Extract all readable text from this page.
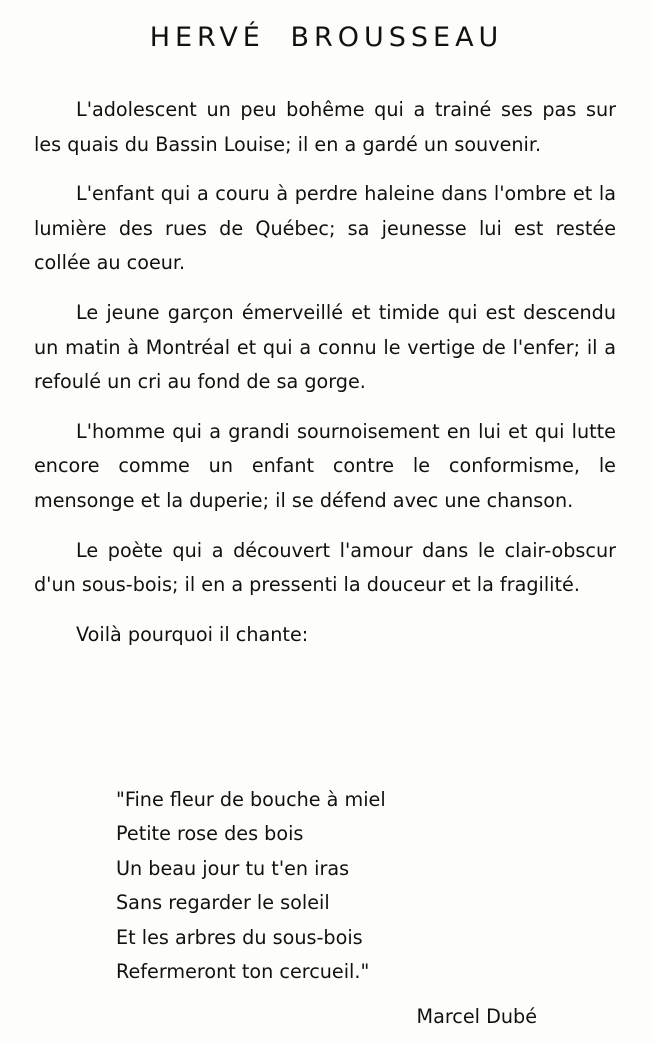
HERVÉ BROUSSEAU

L'adolescent un peu bohême qui a trainé ses pas sur les quais du Bassin Louise; il en a gardé un souvenir.

L'enfant qui a couru à perdre haleine dans l'ombre et la lumière des rues de Québec; sa jeunesse lui est restée collée au coeur.

Le jeune garçon émerveillé et timide qui est descendu un matin à Montréal et qui a connu le vertige de l'enfer; il a refoulé un cri au fond de sa gorge.

L'homme qui a grandi sournoisement en lui et qui lutte encore comme un enfant contre le conformisme, le mensonge et la duperie; il se défend avec une chanson.

Le poète qui a découvert l'amour dans le clair-obscur d'un sous-bois; il en a pressenti la douceur et la fragilité.

Voilà pourquoi il chante:

"Fine fleur de bouche à miel
Petite rose des bois
Un beau jour tu t'en iras
Sans regarder le soleil
Et les arbres du sous-bois
Refermeront ton cercueil."
Marcel Dubé
